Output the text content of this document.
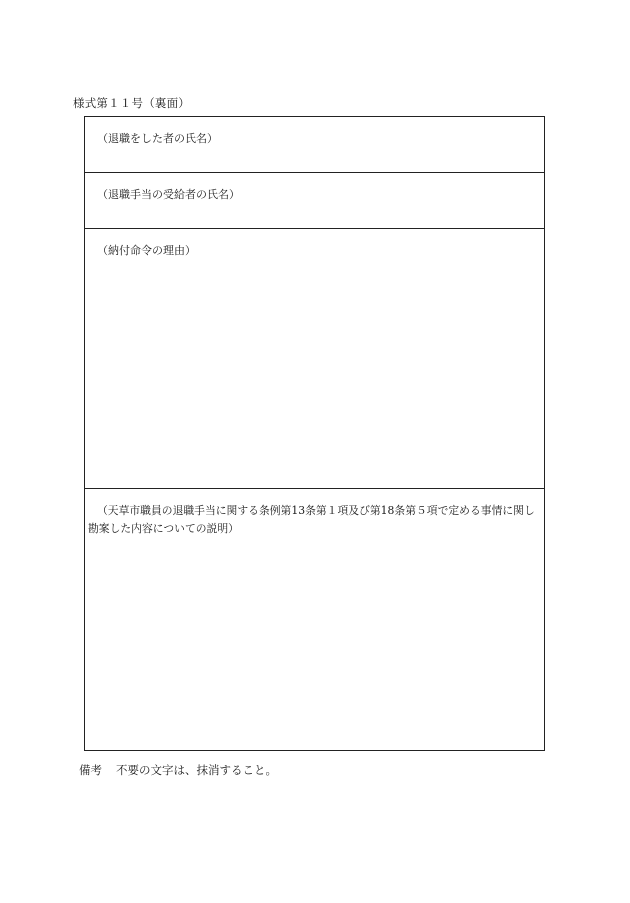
様式第１１号（裏面）
（退職をした者の氏名）
（退職手当の受給者の氏名）
（納付命令の理由）
（天草市職員の退職手当に関する条例第13条第１項及び第18条第５項で定める事情に関し勘案した内容についての説明）
備考 不要の文字は、抹消すること。
